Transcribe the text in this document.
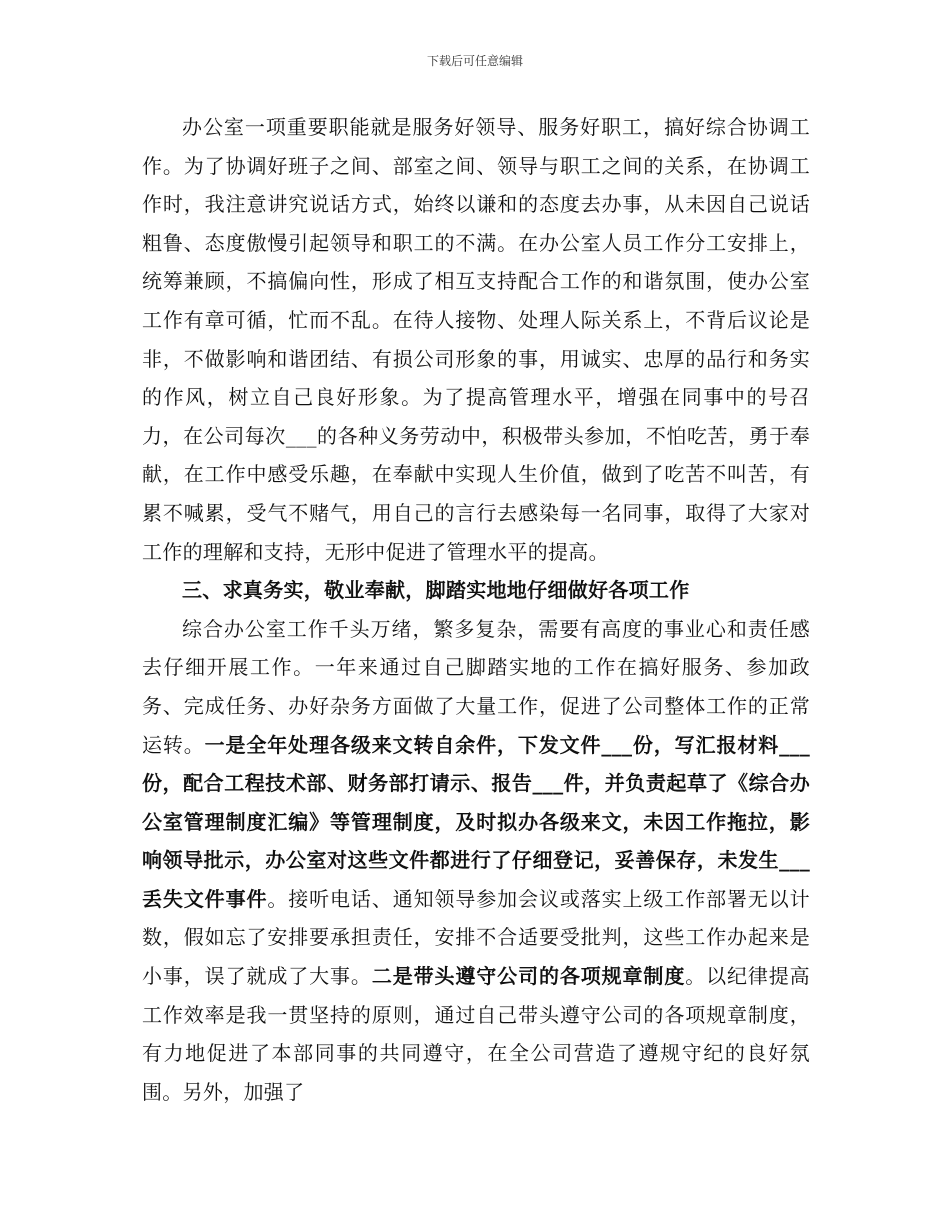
下载后可任意编辑

办公室一项重要职能就是服务好领导、服务好职工，搞好综合协调工作。为了协调好班子之间、部室之间、领导与职工之间的关系，在协调工作时，我注意讲究说话方式，始终以谦和的态度去办事，从未因自己说话粗鲁、态度傲慢引起领导和职工的不满。在办公室人员工作分工安排上，统筹兼顾，不搞偏向性，形成了相互支持配合工作的和谐氛围，使办公室工作有章可循，忙而不乱。在待人接物、处理人际关系上，不背后议论是非，不做影响和谐团结、有损公司形象的事，用诚实、忠厚的品行和务实的作风，树立自己良好形象。为了提高管理水平，增强在同事中的号召力，在公司每次___的各种义务劳动中，积极带头参加，不怕吃苦，勇于奉献，在工作中感受乐趣，在奉献中实现人生价值，做到了吃苦不叫苦，有累不喊累，受气不赌气，用自己的言行去感染每一名同事，取得了大家对工作的理解和支持，无形中促进了管理水平的提高。

三、求真务实，敬业奉献，脚踏实地地仔细做好各项工作

综合办公室工作千头万绪，繁多复杂，需要有高度的事业心和责任感去仔细开展工作。一年来通过自己脚踏实地的工作在搞好服务、参加政务、完成任务、办好杂务方面做了大量工作，促进了公司整体工作的正常运转。一是全年处理各级来文转自余件，下发文件___份，写汇报材料___份，配合工程技术部、财务部打请示、报告___件，并负责起草了《综合办公室管理制度汇编》等管理制度，及时拟办各级来文，未因工作拖拉，影响领导批示，办公室对这些文件都进行了仔细登记，妥善保存，未发生___丢失文件事件。接听电话、通知领导参加会议或落实上级工作部署无以计数，假如忘了安排要承担责任，安排不合适要受批判，这些工作办起来是小事，误了就成了大事。二是带头遵守公司的各项规章制度。以纪律提高工作效率是我一贯坚持的原则，通过自己带头遵守公司的各项规章制度，有力地促进了本部同事的共同遵守，在全公司营造了遵规守纪的良好氛围。另外，加强了
